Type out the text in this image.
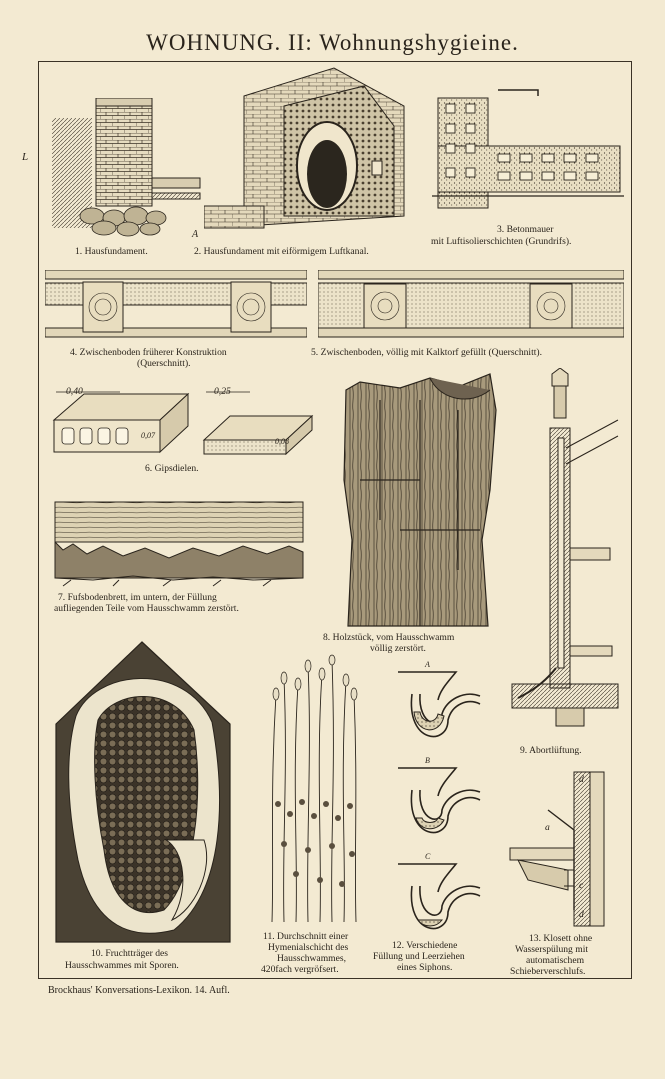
WOHNUNG. II: Wohnungshygieine.
L
1. Hausfundament.
A
2. Hausfundament mit eiförmigem Luftkanal.
3. Betonmauer
mit Luftisolierschichten (Grundrifs).
4. Zwischenboden früherer Konstruktion
(Querschnitt).
5. Zwischenboden, völlig mit Kalktorf gefüllt (Querschnitt).
0,40	0,25
0,07
0,08
6. Gipsdielen.
7. Fufsbodenbrett, im untern, der Füllung
aufliegenden Teile vom Hausschwamm zerstört.
8. Holzstück, vom Hausschwamm
völlig zerstört.
9. Abortlüftung.
10. Fruchtträger des
Hausschwammes mit Sporen.
11. Durchschnitt einer
Hymenialschicht des
Hausschwammes,
420fach vergröfsert.
A
B
C
12. Verschiedene
Füllung und Leerziehen
eines Siphons.
d
a
c
d
13. Klosett ohne
Wasserspülung mit
automatischem
Schieberverschlufs.
Brockhaus' Konversations-Lexikon. 14. Aufl.
